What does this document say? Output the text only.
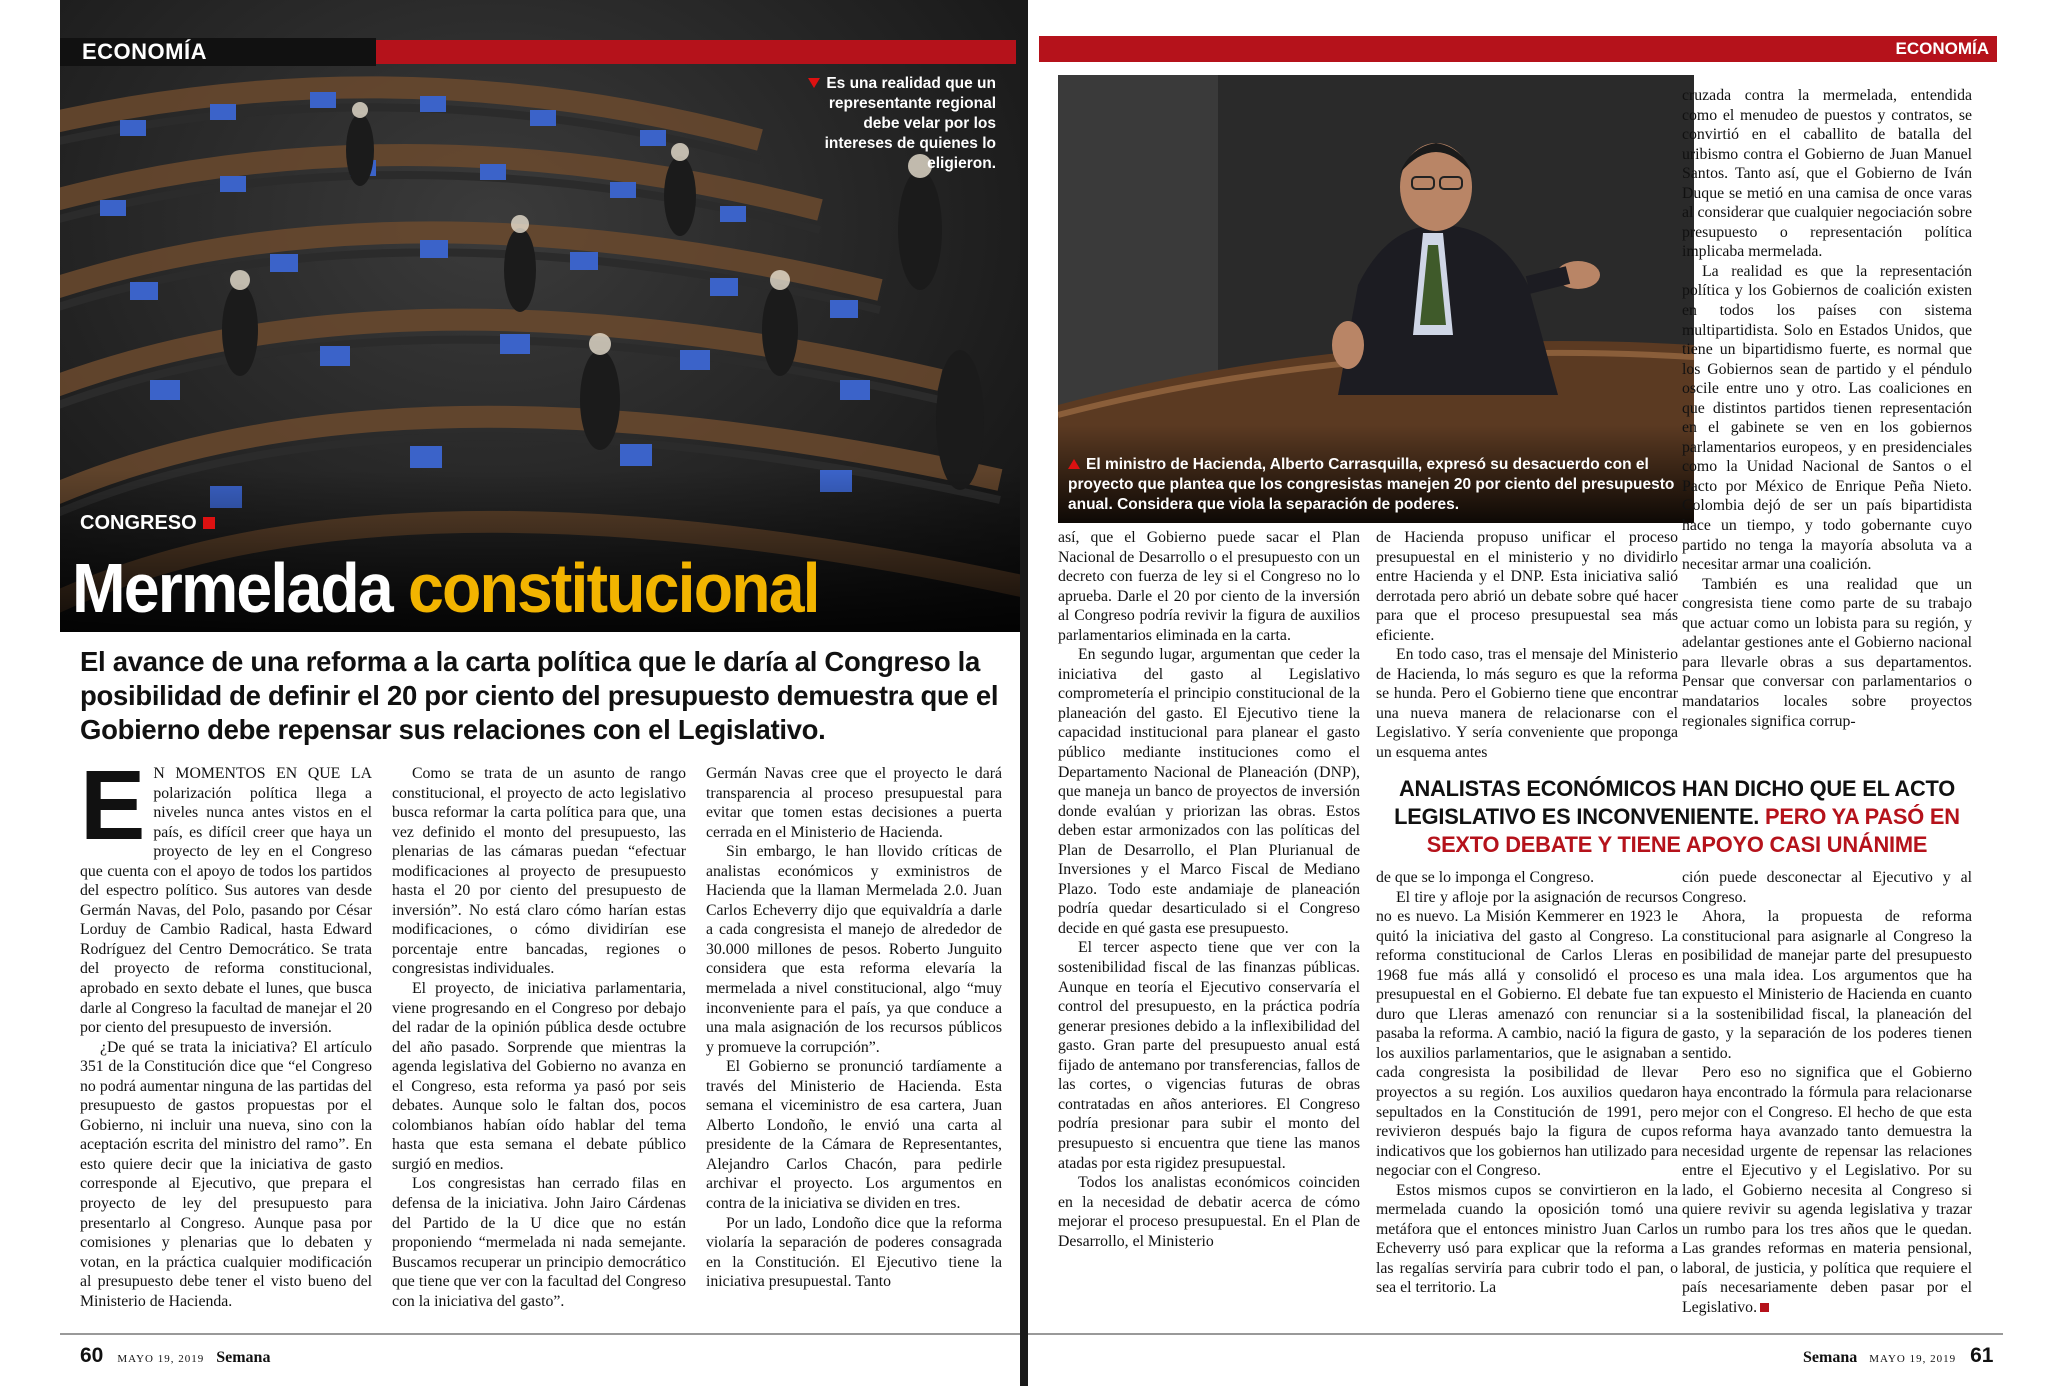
ECONOMÍA
Es una realidad que un representante regional debe velar por los intereses de quienes lo eligieron.
CONGRESO
Mermelada constitucional
El avance de una reforma a la carta política que le daría al Congreso la posibilidad de definir el 20 por ciento del presupuesto demuestra que el Gobierno debe repensar sus relaciones con el Legislativo.

E N MOMENTOS EN QUE LA polarización política llega a niveles nunca antes vistos en el país, es difícil creer que haya un proyecto de ley en el Congreso que cuenta con el apoyo de todos los partidos del espectro político. Sus autores van desde Germán Navas, del Polo, pasando por César Lorduy de Cambio Radical, hasta Edward Rodríguez del Centro Democrático. Se trata del proyecto de reforma constitucional, aprobado en sexto debate el lunes, que busca darle al Congreso la facultad de manejar el 20 por ciento del presupuesto de inversión.

¿De qué se trata la iniciativa? El artículo 351 de la Constitución dice que “el Congreso no podrá aumentar ninguna de las partidas del presupuesto de gastos propuestas por el Gobierno, ni incluir una nueva, sino con la aceptación escrita del ministro del ramo”. En esto quiere decir que la iniciativa de gasto corresponde al Ejecutivo, que prepara el proyecto de ley del presupuesto para presentarlo al Congreso. Aunque pasa por comisiones y plenarias que lo debaten y votan, en la práctica cualquier modificación al presupuesto debe tener el visto bueno del Ministerio de Hacienda.

Como se trata de un asunto de rango constitucional, el proyecto de acto legislativo busca reformar la carta política para que, una vez definido el monto del presupuesto, las plenarias de las cámaras puedan “efectuar modificaciones al proyecto de presupuesto hasta el 20 por ciento del presupuesto de inversión”. No está claro cómo harían estas modificaciones, o cómo dividirían ese porcentaje entre bancadas, regiones o congresistas individuales.

El proyecto, de iniciativa parlamentaria, viene progresando en el Congreso por debajo del radar de la opinión pública desde octubre del año pasado. Sorprende que mientras la agenda legislativa del Gobierno no avanza en el Congreso, esta reforma ya pasó por seis debates. Aunque solo le faltan dos, pocos colombianos habían oído hablar del tema hasta que esta semana el debate público surgió en medios.

Los congresistas han cerrado filas en defensa de la iniciativa. John Jairo Cárdenas del Partido de la U dice que no están proponiendo “mermelada ni nada semejante. Buscamos recuperar un principio democrático que tiene que ver con la facultad del Congreso con la iniciativa del gasto”.

Germán Navas cree que el proyecto le dará transparencia al proceso presupuestal para evitar que tomen estas decisiones a puerta cerrada en el Ministerio de Hacienda.

Sin embargo, le han llovido críticas de analistas económicos y exministros de Hacienda que la llaman Mermelada 2.0. Juan Carlos Echeverry dijo que equivaldría a darle a cada congresista el manejo de alrededor de 30.000 millones de pesos. Roberto Junguito considera que esta reforma elevaría la mermelada a nivel constitucional, algo “muy inconveniente para el país, ya que conduce a una mala asignación de los recursos públicos y promueve la corrupción”.

El Gobierno se pronunció tardíamente a través del Ministerio de Hacienda. Esta semana el viceministro de esa cartera, Juan Alberto Londoño, le envió una carta al presidente de la Cámara de Representantes, Alejandro Carlos Chacón, para pedirle archivar el proyecto. Los argumentos en contra de la iniciativa se dividen en tres.

Por un lado, Londoño dice que la reforma violaría la separación de poderes consagrada en la Constitución. El Ejecutivo tiene la iniciativa presupuestal. Tanto

60 MAYO 19, 2019 Semana
ECONOMÍA
El ministro de Hacienda, Alberto Carrasquilla, expresó su desacuerdo con el proyecto que plantea que los congresistas manejen 20 por ciento del presupuesto anual. Considera que viola la separación de poderes.

así, que el Gobierno puede sacar el Plan Nacional de Desarrollo o el presupuesto con un decreto con fuerza de ley si el Congreso no lo aprueba. Darle el 20 por ciento de la inversión al Congreso podría revivir la figura de auxilios parlamentarios eliminada en la carta.

En segundo lugar, argumentan que ceder la iniciativa del gasto al Legislativo comprometería el principio constitucional de la planeación del gasto. El Ejecutivo tiene la capacidad institucional para planear el gasto público mediante instituciones como el Departamento Nacional de Planeación (DNP), que maneja un banco de proyectos de inversión donde evalúan y priorizan las obras. Estos deben estar armonizados con las políticas del Plan de Desarrollo, el Plan Plurianual de Inversiones y el Marco Fiscal de Mediano Plazo. Todo este andamiaje de planeación podría quedar desarticulado si el Congreso decide en qué gasta ese presupuesto.

El tercer aspecto tiene que ver con la sostenibilidad fiscal de las finanzas públicas. Aunque en teoría el Ejecutivo conservaría el control del presupuesto, en la práctica podría generar presiones debido a la inflexibilidad del gasto. Gran parte del presupuesto anual está fijado de antemano por transferencias, fallos de las cortes, o vigencias futuras de obras contratadas en años anteriores. El Congreso podría presionar para subir el monto del presupuesto si encuentra que tiene las manos atadas por esta rigidez presupuestal.

Todos los analistas económicos coinciden en la necesidad de debatir acerca de cómo mejorar el proceso presupuestal. En el Plan de Desarrollo, el Ministerio

de Hacienda propuso unificar el proceso presupuestal en el ministerio y no dividirlo entre Hacienda y el DNP. Esta iniciativa salió derrotada pero abrió un debate sobre qué hacer para que el proceso presupuestal sea más eficiente.

En todo caso, tras el mensaje del Ministerio de Hacienda, lo más seguro es que la reforma se hunda. Pero el Gobierno tiene que encontrar una nueva manera de relacionarse con el Legislativo. Y sería conveniente que proponga un esquema antes

ANALISTAS ECONÓMICOS HAN DICHO QUE EL ACTO LEGISLATIVO ES INCONVENIENTE. PERO YA PASÓ EN SEXTO DEBATE Y TIENE APOYO CASI UNÁNIME

de que se lo imponga el Congreso.

El tire y afloje por la asignación de recursos no es nuevo. La Misión Kemmerer en 1923 le quitó la iniciativa del gasto al Congreso. La reforma constitucional de Carlos Lleras en 1968 fue más allá y consolidó el proceso presupuestal en el Gobierno. El debate fue tan duro que Lleras amenazó con renunciar si pasaba la reforma. A cambio, nació la figura de los auxilios parlamentarios, que le asignaban a cada congresista la posibilidad de llevar proyectos a su región. Los auxilios quedaron sepultados en la Constitución de 1991, pero revivieron después bajo la figura de cupos indicativos que los gobiernos han utilizado para negociar con el Congreso.

Estos mismos cupos se convirtieron en la mermelada cuando la oposición tomó una metáfora que el entonces ministro Juan Carlos Echeverry usó para explicar que la reforma a las regalías serviría para cubrir todo el pan, o sea el territorio. La

cruzada contra la mermelada, entendida como el menudeo de puestos y contratos, se convirtió en el caballito de batalla del uribismo contra el Gobierno de Juan Manuel Santos. Tanto así, que el Gobierno de Iván Duque se metió en una camisa de once varas al considerar que cualquier negociación sobre presupuesto o representación política implicaba mermelada.

La realidad es que la representación política y los Gobiernos de coalición existen en todos los países con sistema multipartidista. Solo en Estados Unidos, que tiene un bipartidismo fuerte, es normal que los Gobiernos sean de partido y el péndulo oscile entre uno y otro. Las coaliciones en que distintos partidos tienen representación en el gabinete se ven en los gobiernos parlamentarios europeos, y en presidenciales como la Unidad Nacional de Santos o el Pacto por México de Enrique Peña Nieto. Colombia dejó de ser un país bipartidista hace un tiempo, y todo gobernante cuyo partido no tenga la mayoría absoluta va a necesitar armar una coalición.

También es una realidad que un congresista tiene como parte de su trabajo que actuar como un lobista para su región, y adelantar gestiones ante el Gobierno nacional para llevarle obras a sus departamentos. Pensar que conversar con parlamentarios o mandatarios locales sobre proyectos regionales significa corrup-

ción puede desconectar al Ejecutivo y al Congreso.

Ahora, la propuesta de reforma constitucional para asignarle al Congreso la posibilidad de manejar parte del presupuesto es una mala idea. Los argumentos que ha expuesto el Ministerio de Hacienda en cuanto a la sostenibilidad fiscal, la planeación del gasto, y la separación de los poderes tienen sentido.

Pero eso no significa que el Gobierno haya encontrado la fórmula para relacionarse mejor con el Congreso. El hecho de que esta reforma haya avanzado tanto demuestra la necesidad urgente de repensar las relaciones entre el Ejecutivo y el Legislativo. Por su lado, el Gobierno necesita al Congreso si quiere revivir su agenda legislativa y trazar un rumbo para los tres años que le quedan. Las grandes reformas en materia pensional, laboral, de justicia, y política que requiere el país necesariamente deben pasar por el Legislativo.

Semana MAYO 19, 2019 61
